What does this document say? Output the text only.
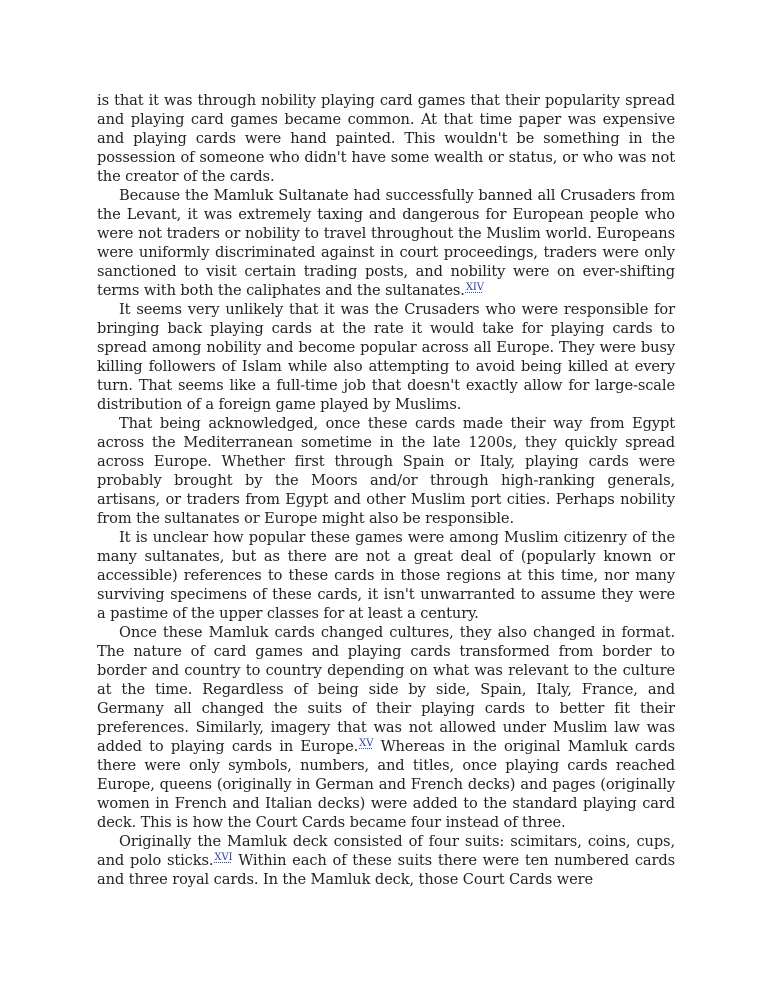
is that it was through nobility playing card games that their popularity spread and playing card games became common. At that time paper was expensive and playing cards were hand painted. This wouldn't be something in the possession of someone who didn't have some wealth or status, or who was not the creator of the cards.

Because the Mamluk Sultanate had successfully banned all Crusaders from the Levant, it was extremely taxing and dangerous for European people who were not traders or nobility to travel throughout the Muslim world. Europeans were uniformly discriminated against in court proceedings, traders were only sanctioned to visit certain trading posts, and nobility were on ever-shifting terms with both the caliphates and the sultanates.$^{XIV}$

It seems very unlikely that it was the Crusaders who were responsible for bringing back playing cards at the rate it would take for playing cards to spread among nobility and become popular across all Europe. They were busy killing followers of Islam while also attempting to avoid being killed at every turn. That seems like a full-time job that doesn't exactly allow for large-scale distribution of a foreign game played by Muslims.

That being acknowledged, once these cards made their way from Egypt across the Mediterranean sometime in the late 1200s, they quickly spread across Europe. Whether first through Spain or Italy, playing cards were probably brought by the Moors and/or through high-ranking generals, artisans, or traders from Egypt and other Muslim port cities. Perhaps nobility from the sultanates or Europe might also be responsible.

It is unclear how popular these games were among Muslim citizenry of the many sultanates, but as there are not a great deal of (popularly known or accessible) references to these cards in those regions at this time, nor many surviving specimens of these cards, it isn't unwarranted to assume they were a pastime of the upper classes for at least a century.

Once these Mamluk cards changed cultures, they also changed in format. The nature of card games and playing cards transformed from border to border and country to country depending on what was relevant to the culture at the time. Regardless of being side by side, Spain, Italy, France, and Germany all changed the suits of their playing cards to better fit their preferences. Similarly, imagery that was not allowed under Muslim law was added to playing cards in Europe.$^{XV}$ Whereas in the original Mamluk cards there were only symbols, numbers, and titles, once playing cards reached Europe, queens (originally in German and French decks) and pages (originally women in French and Italian decks) were added to the standard playing card deck. This is how the Court Cards became four instead of three.

Originally the Mamluk deck consisted of four suits: scimitars, coins, cups, and polo sticks.$^{XVI}$ Within each of these suits there were ten numbered cards and three royal cards. In the Mamluk deck, those Court Cards were
